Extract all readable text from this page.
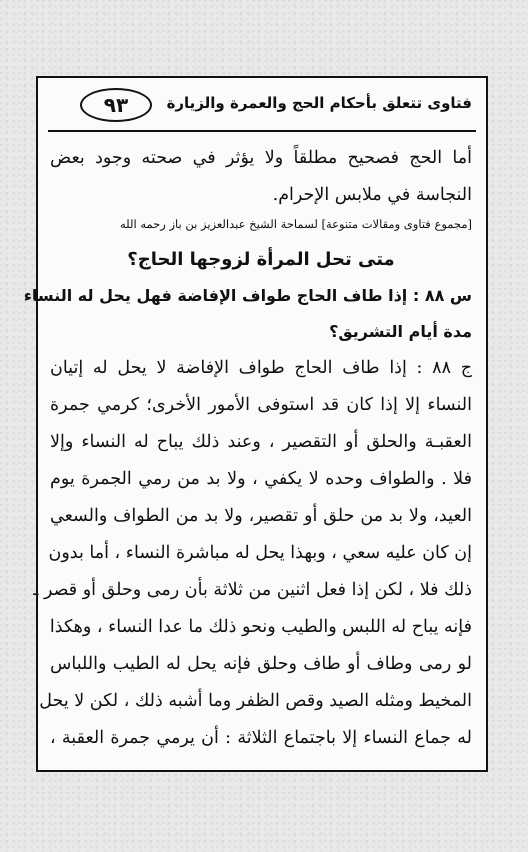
فتاوى تتعلق بأحكام الحج والعمرة والزيارة
٩٣

أما الحج فصحيح مطلقاً ولا يؤثر في صحته وجود بعض
النجاسة في ملابس الإحرام.

[مجموع فتاوى ومقالات متنوعة] لسماحة الشيخ عبدالعزيز بن باز رحمه الله

متى تحل المرأة لزوجها الحاج؟

س ٨٨ : إذا طاف الحاج طواف الإفاضة فهل يحل له النساء
مدة أيام التشريق؟

ج ٨٨ : إذا طاف الحاج طواف الإفاضة لا يحل له إتيان
النساء إلا إذا كان قد استوفى الأمور الأخرى؛ كرمي جمرة
العقبـة والحلق أو التقصير ، وعند ذلك يباح له النساء وإلا
فلا . والطواف وحده لا يكفي ، ولا بد من رمي الجمرة يوم
العيد، ولا بد من حلق أو تقصير، ولا بد من الطواف والسعي
إن كان عليه سعي ، وبهذا يحل له مباشرة النساء ، أما بدون
ذلك فلا ، لكن إذا فعل اثنين من ثلاثة بأن رمى وحلق أو قصر ـ
فإنه يباح له اللبس والطيب ونحو ذلك ما عدا النساء ، وهكذا
لو رمى وطاف أو طاف وحلق فإنه يحل له الطيب واللباس
المخيط ومثله الصيد وقص الظفر وما أشبه ذلك ، لكن لا يحل
له جماع النساء إلا باجتماع الثلاثة : أن يرمي جمرة العقبة ،
